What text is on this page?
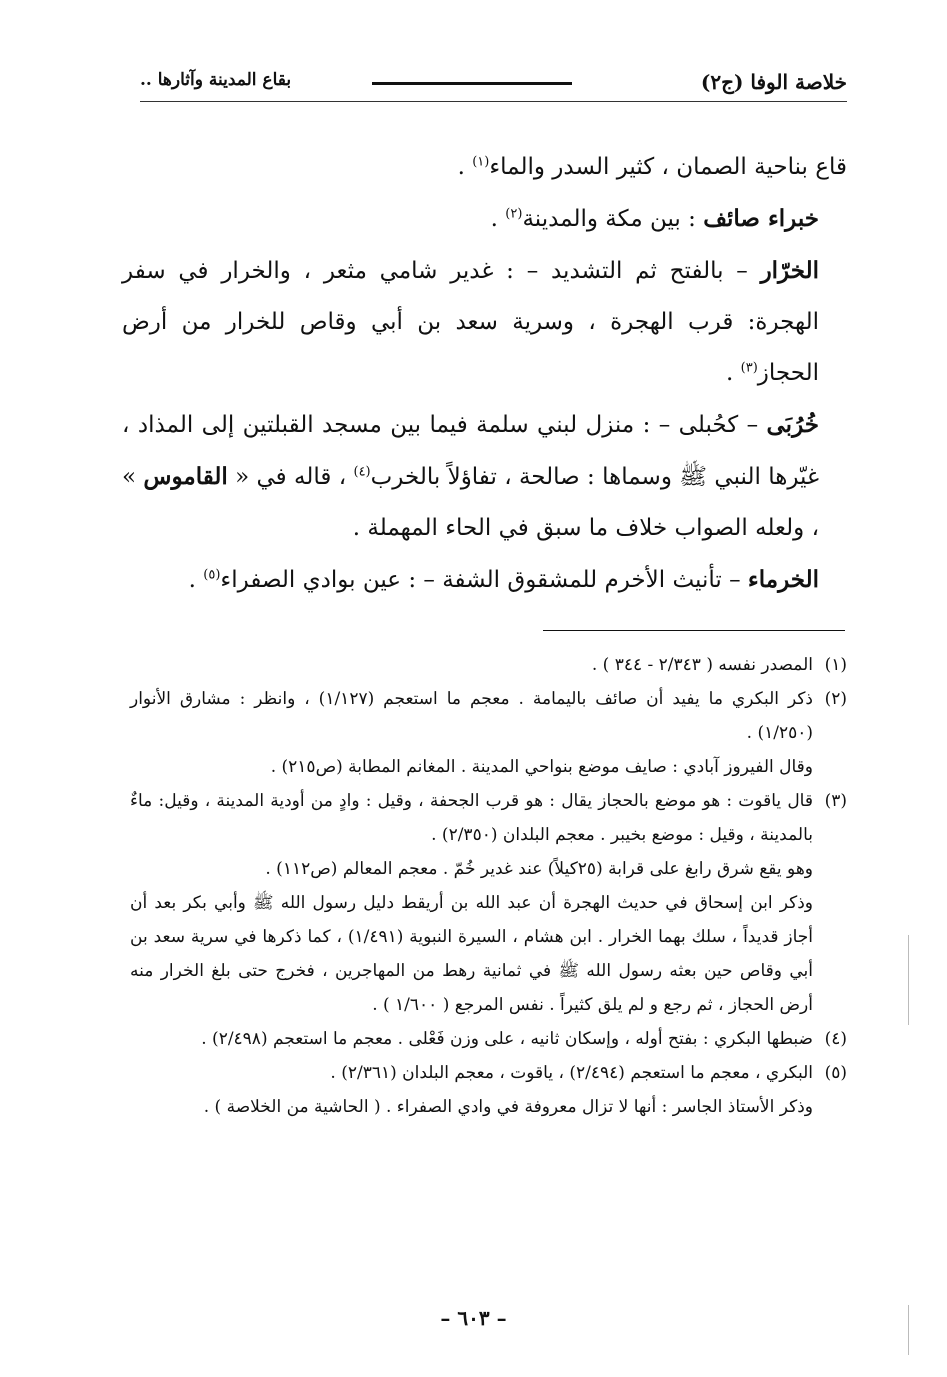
خلاصة الوفا (ج٢)
بقاع المدينة وآثارها ..

قاع بناحية الصمان ، كثير السدر والماء$^{(١)}$ .

خبراء صائف : بين مكة والمدينة$^{(٢)}$ .

الخرّار – بالفتح ثم التشديد – : غدير شامي مثعر ، والخرار في سفر الهجرة: قرب الهجرة ، وسرية سعد بن أبي وقاص للخرار من أرض الحجاز$^{(٣)}$ .

خُرُبَى – كحُبلى – : منزل لبني سلمة فيما بين مسجد القبلتين إلى المذاد ، غيّرها النبي ﷺ وسماها : صالحة ، تفاؤلاً بالخرب$^{(٤)}$ ، قاله في « القاموس » ، ولعله الصواب خلاف ما سبق في الحاء المهملة .

الخرماء – تأنيث الأخرم للمشقوق الشفة – : عين بوادي الصفراء$^{(٥)}$ .

(١)
المصدر نفسه ( ٢/٣٤٣ - ٣٤٤ ) .
(٢)
ذكر البكري ما يفيد أن صائف باليمامة . معجم ما استعجم (١/١٢٧) ، وانظر : مشارق الأنوار (١/٢٥٠) .
وقال الفيروز آبادي : صايف موضع بنواحي المدينة . المغانم المطابة (ص٢١٥) .
(٣)
قال ياقوت : هو موضع بالحجاز يقال : هو قرب الجحفة ، وقيل : وادٍ من أودية المدينة ، وقيل: ماءٌ بالمدينة ، وقيل : موضع بخيبر . معجم البلدان (٢/٣٥٠) .
وهو يقع شرق رابغ على قرابة (٢٥كيلاً) عند غدير خُمّ . معجم المعالم (ص١١٢) .
وذكر ابن إسحاق في حديث الهجرة أن عبد الله بن أريقط دليل رسول الله ﷺ وأبي بكر بعد أن أجاز قديداً ، سلك بهما الخرار . ابن هشام ، السيرة النبوية (١/٤٩١) ، كما ذكرها في سرية سعد بن أبي وقاص حين بعثه رسول الله ﷺ في ثمانية رهط من المهاجرين ، فخرج حتى بلغ الخرار منه أرض الحجاز ، ثم رجع و لم يلق كثيراً . نفس المرجع ( ١/٦٠٠ ) .
(٤)
ضبطها البكري : بفتح أوله ، وإسكان ثانيه ، على وزن فَعْلى . معجم ما استعجم (٢/٤٩٨) .
(٥)
البكري ، معجم ما استعجم (٢/٤٩٤) ، ياقوت ، معجم البلدان (٢/٣٦١) .
وذكر الأستاذ الجاسر : أنها لا تزال معروفة في وادي الصفراء . ( الحاشية من الخلاصة ) .
– ٦٠٣ –
